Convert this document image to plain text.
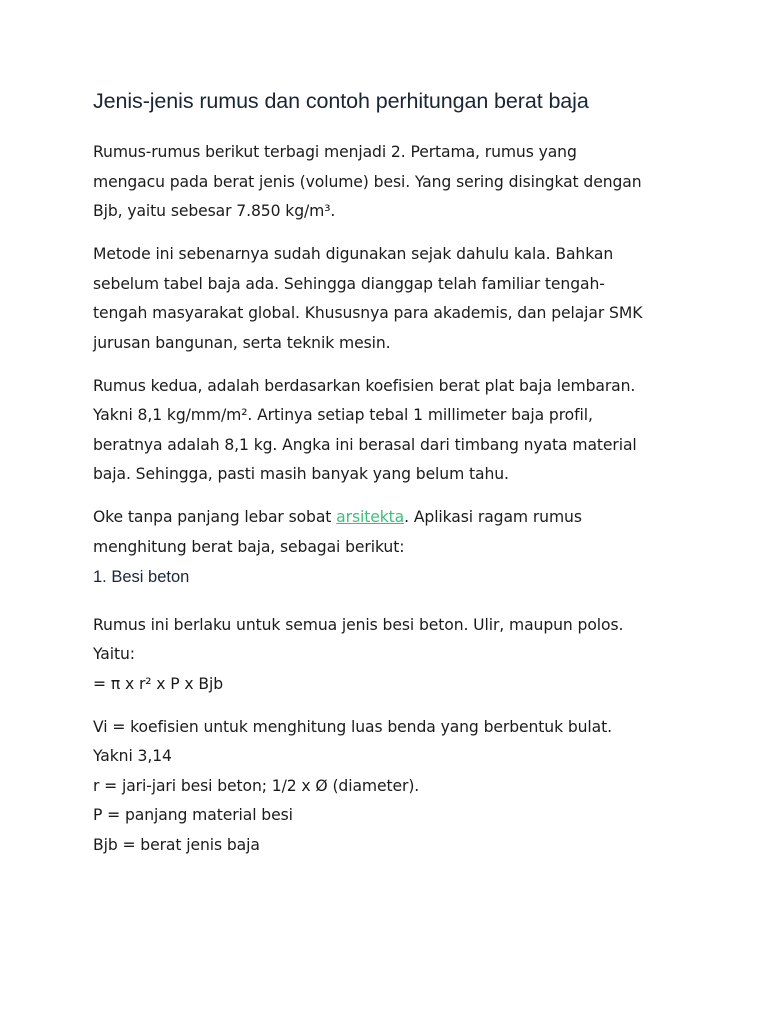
Jenis-jenis rumus dan contoh perhitungan berat baja

Rumus-rumus berikut terbagi menjadi 2. Pertama, rumus yang
mengacu pada berat jenis (volume) besi. Yang sering disingkat dengan
Bjb, yaitu sebesar 7.850 kg/m³.

Metode ini sebenarnya sudah digunakan sejak dahulu kala. Bahkan
sebelum tabel baja ada. Sehingga dianggap telah familiar tengah-
tengah masyarakat global. Khususnya para akademis, dan pelajar SMK
jurusan bangunan, serta teknik mesin.

Rumus kedua, adalah berdasarkan koefisien berat plat baja lembaran.
Yakni 8,1 kg/mm/m². Artinya setiap tebal 1 millimeter baja profil,
beratnya adalah 8,1 kg. Angka ini berasal dari timbang nyata material
baja. Sehingga, pasti masih banyak yang belum tahu.

Oke tanpa panjang lebar sobat arsitekta. Aplikasi ragam rumus
menghitung berat baja, sebagai berikut:

1. Besi beton

Rumus ini berlaku untuk semua jenis besi beton. Ulir, maupun polos.
Yaitu:
= π x r² x P x Bjb

Vi = koefisien untuk menghitung luas benda yang berbentuk bulat.
Yakni 3,14
r = jari-jari besi beton; 1/2 x Ø (diameter).
P = panjang material besi
Bjb = berat jenis baja
